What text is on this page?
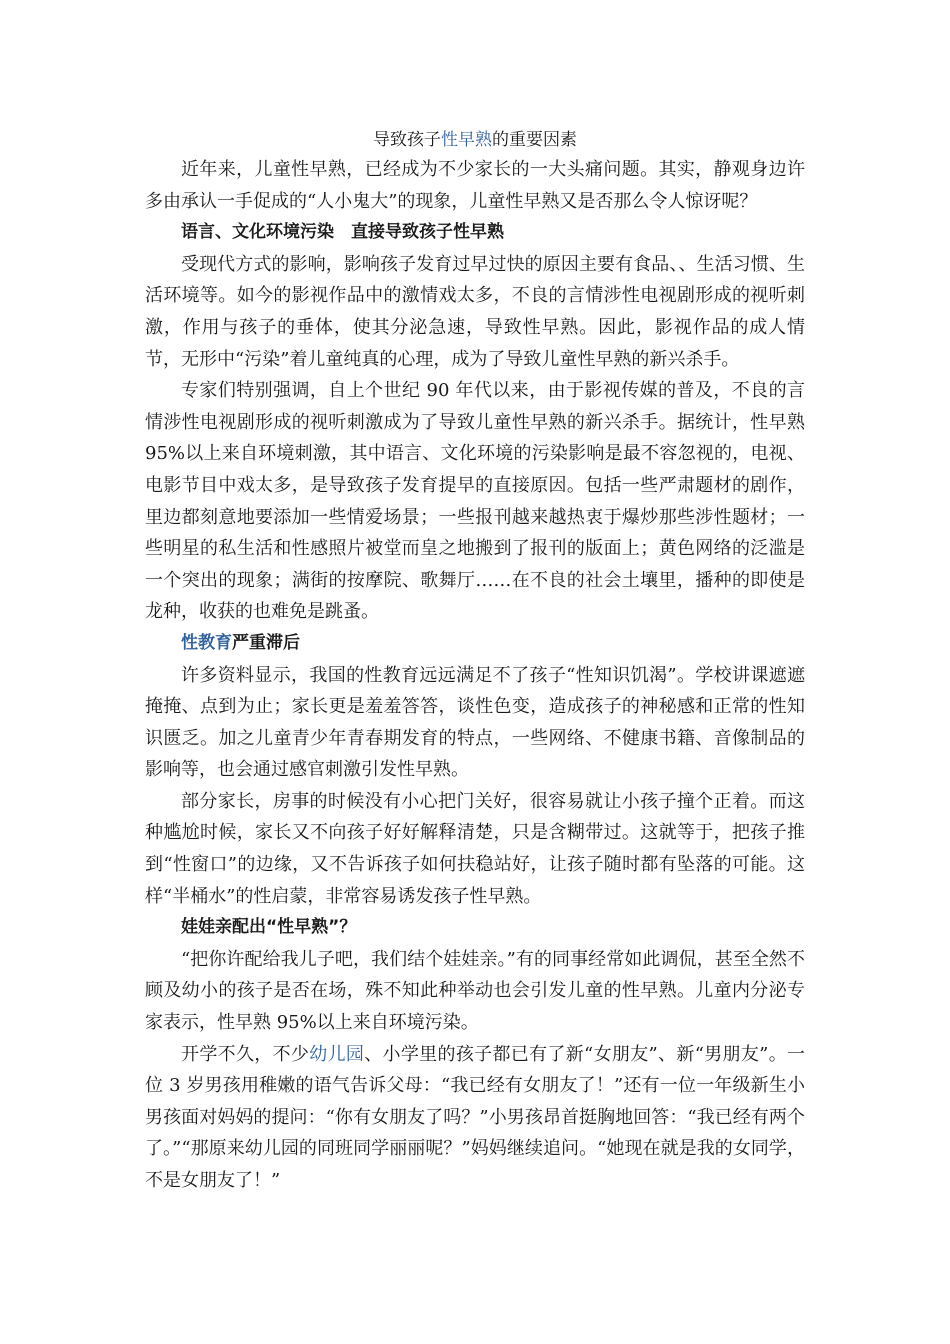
导致孩子性早熟的重要因素

近年来，儿童性早熟，已经成为不少家长的一大头痛问题。其实，静观身边许多由承认一手促成的“人小鬼大”的现象，儿童性早熟又是否那么令人惊讶呢？

语言、文化环境污染　直接导致孩子性早熟

受现代方式的影响，影响孩子发育过早过快的原因主要有食品、、生活习惯、生活环境等。如今的影视作品中的激情戏太多，不良的言情涉性电视剧形成的视听刺激，作用与孩子的垂体，使其分泌急速，导致性早熟。因此，影视作品的成人情节，无形中“污染”着儿童纯真的心理，成为了导致儿童性早熟的新兴杀手。

专家们特别强调，自上个世纪 90 年代以来，由于影视传媒的普及，不良的言情涉性电视剧形成的视听刺激成为了导致儿童性早熟的新兴杀手。据统计，性早熟 95%以上来自环境刺激，其中语言、文化环境的污染影响是最不容忽视的，电视、电影节目中戏太多，是导致孩子发育提早的直接原因。包括一些严肃题材的剧作，里边都刻意地要添加一些情爱场景；一些报刊越来越热衷于爆炒那些涉性题材；一些明星的私生活和性感照片被堂而皇之地搬到了报刊的版面上；黄色网络的泛滥是一个突出的现象；满街的按摩院、歌舞厅……在不良的社会土壤里，播种的即使是龙种，收获的也难免是跳蚤。

性教育严重滞后

许多资料显示，我国的性教育远远满足不了孩子“性知识饥渴”。学校讲课遮遮掩掩、点到为止；家长更是羞羞答答，谈性色变，造成孩子的神秘感和正常的性知识匮乏。加之儿童青少年青春期发育的特点，一些网络、不健康书籍、音像制品的影响等，也会通过感官刺激引发性早熟。

部分家长，房事的时候没有小心把门关好，很容易就让小孩子撞个正着。而这种尴尬时候，家长又不向孩子好好解释清楚，只是含糊带过。这就等于，把孩子推到“性窗口”的边缘，又不告诉孩子如何扶稳站好，让孩子随时都有坠落的可能。这样“半桶水”的性启蒙，非常容易诱发孩子性早熟。

娃娃亲配出“性早熟”？

“把你许配给我儿子吧，我们结个娃娃亲。”有的同事经常如此调侃，甚至全然不顾及幼小的孩子是否在场，殊不知此种举动也会引发儿童的性早熟。儿童内分泌专家表示，性早熟 95%以上来自环境污染。

开学不久，不少幼儿园、小学里的孩子都已有了新“女朋友”、新“男朋友”。一位 3 岁男孩用稚嫩的语气告诉父母：“我已经有女朋友了！”还有一位一年级新生小男孩面对妈妈的提问：“你有女朋友了吗？”小男孩昂首挺胸地回答：“我已经有两个了。”“那原来幼儿园的同班同学丽丽呢？”妈妈继续追问。“她现在就是我的女同学，不是女朋友了！”
